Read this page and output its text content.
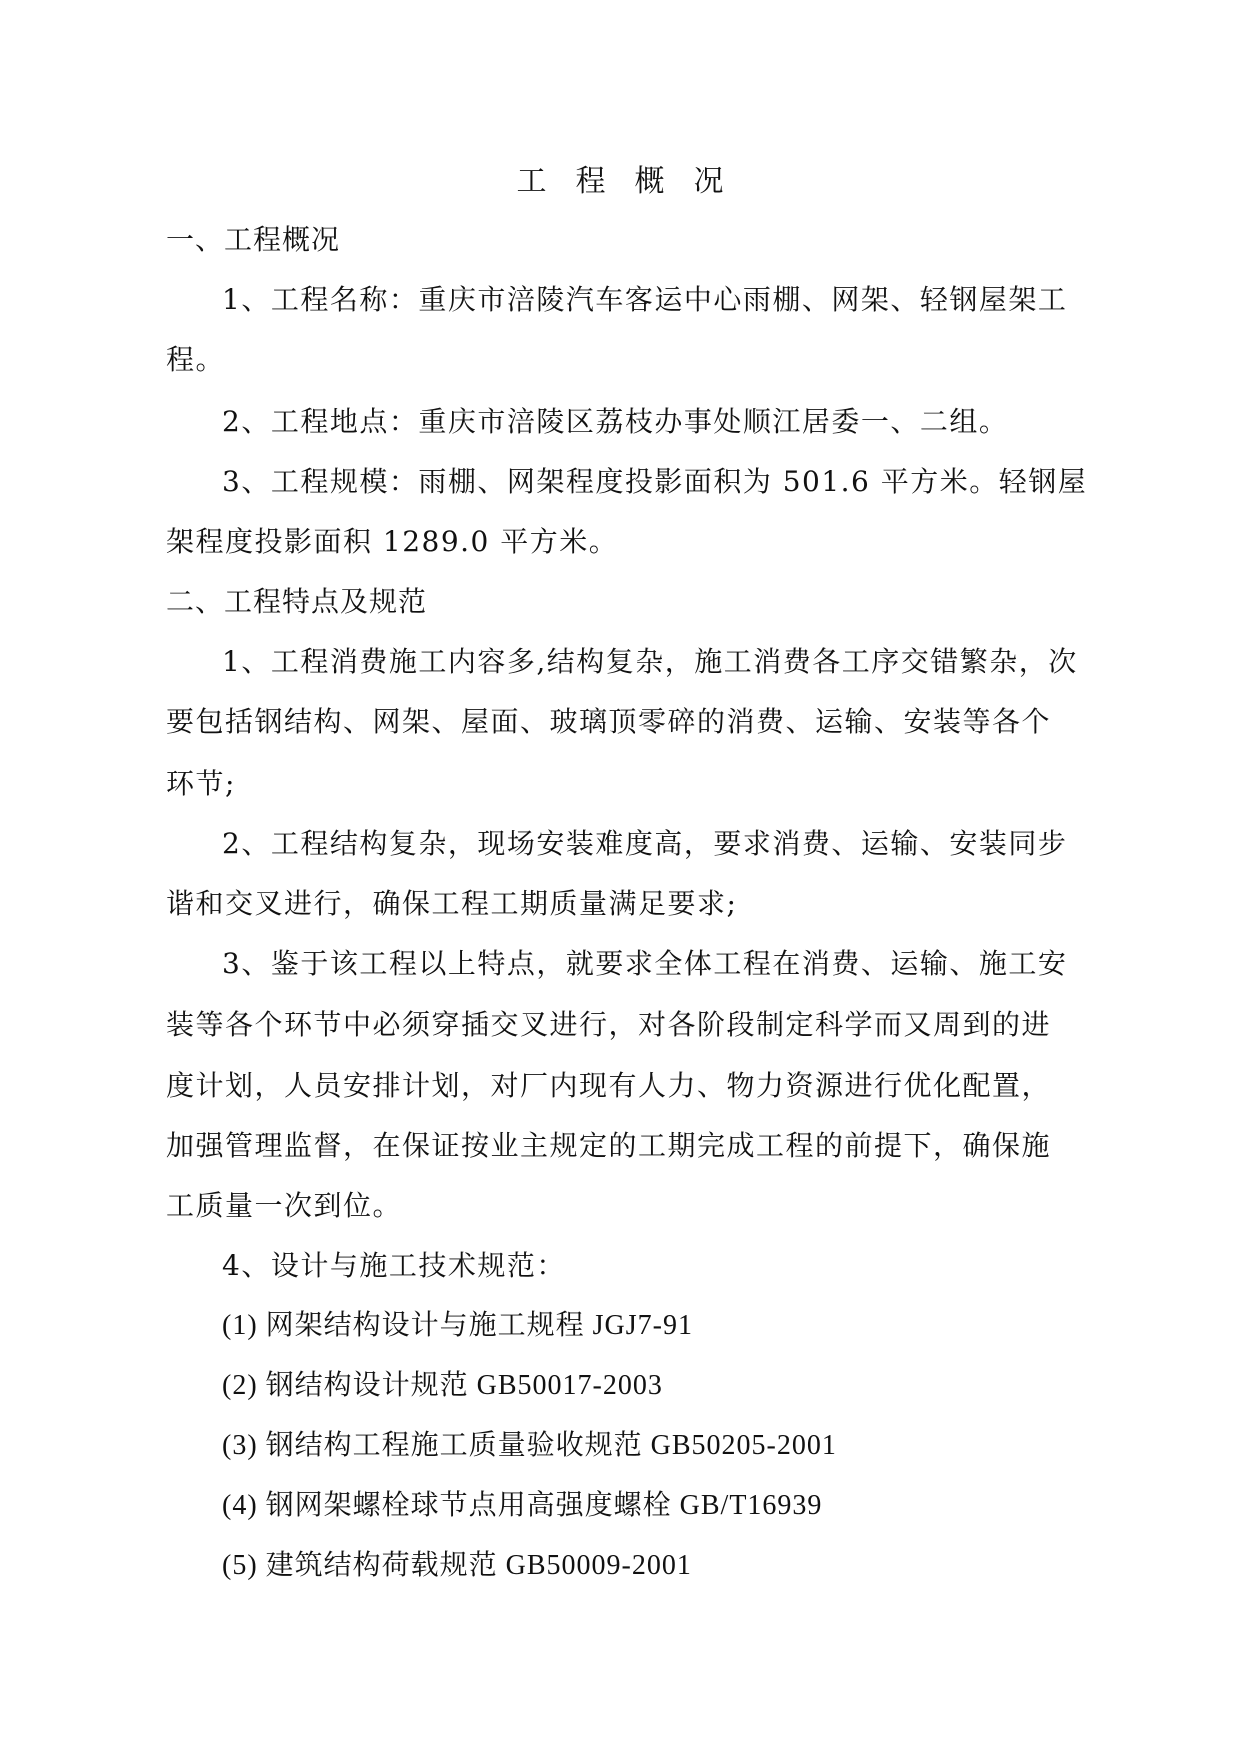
工 程 概 况
一、工程概况
1、工程名称：重庆市涪陵汽车客运中心雨棚、网架、轻钢屋架工
程。
2、工程地点：重庆市涪陵区荔枝办事处顺江居委一、二组。
3、工程规模：雨棚、网架程度投影面积为 501.6 平方米。轻钢屋
架程度投影面积 1289.0 平方米。
二、工程特点及规范
1、工程消费施工内容多,结构复杂，施工消费各工序交错繁杂，次
要包括钢结构、网架、屋面、玻璃顶零碎的消费、运输、安装等各个
环节;
2、工程结构复杂，现场安装难度高，要求消费、运输、安装同步
谐和交叉进行，确保工程工期质量满足要求;
3、鉴于该工程以上特点，就要求全体工程在消费、运输、施工安
装等各个环节中必须穿插交叉进行，对各阶段制定科学而又周到的进
度计划，人员安排计划，对厂内现有人力、物力资源进行优化配置，
加强管理监督，在保证按业主规定的工期完成工程的前提下，确保施
工质量一次到位。
4、设计与施工技术规范：
(1) 网架结构设计与施工规程 JGJ7-91
(2) 钢结构设计规范 GB50017-2003
(3) 钢结构工程施工质量验收规范 GB50205-2001
(4) 钢网架螺栓球节点用高强度螺栓 GB/T16939
(5) 建筑结构荷载规范 GB50009-2001
